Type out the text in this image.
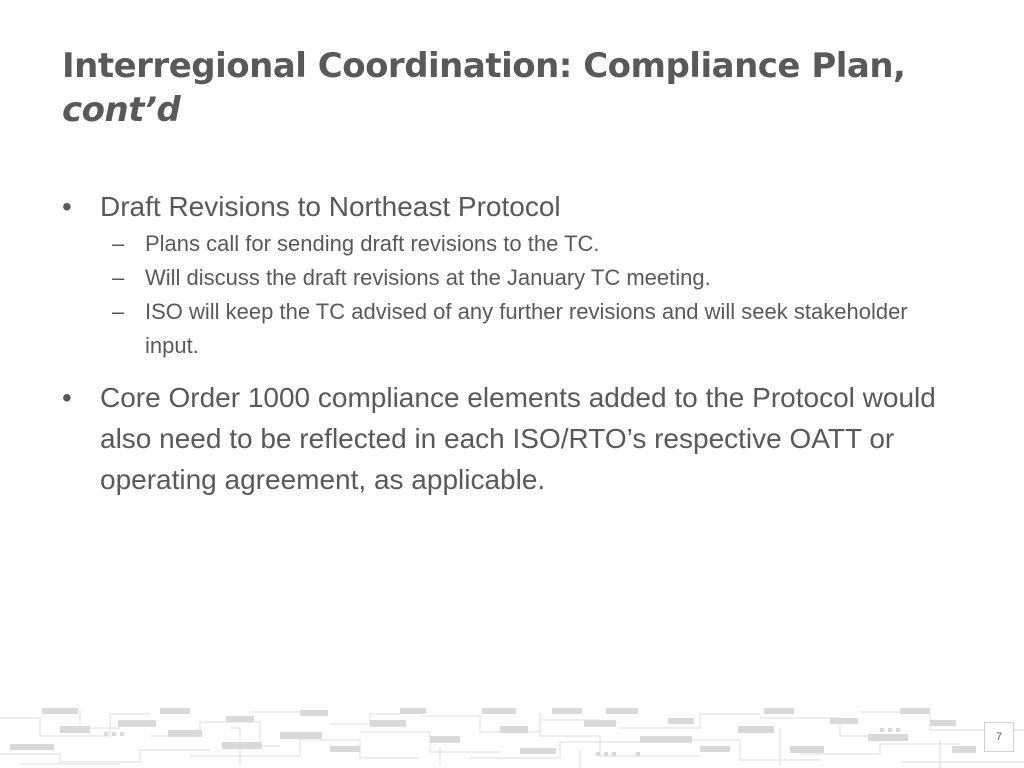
Interregional Coordination: Compliance Plan,
cont’d

•	Draft Revisions to Northeast Protocol

– Plans call for sending draft revisions to the TC.
– Will discuss the draft revisions at the January TC meeting.
– ISO will keep the TC advised of any further revisions and will seek stakeholder input.

•	Core Order 1000 compliance elements added to the Protocol would also need to be reflected in each ISO/RTO’s respective OATT or operating agreement, as applicable.

7
